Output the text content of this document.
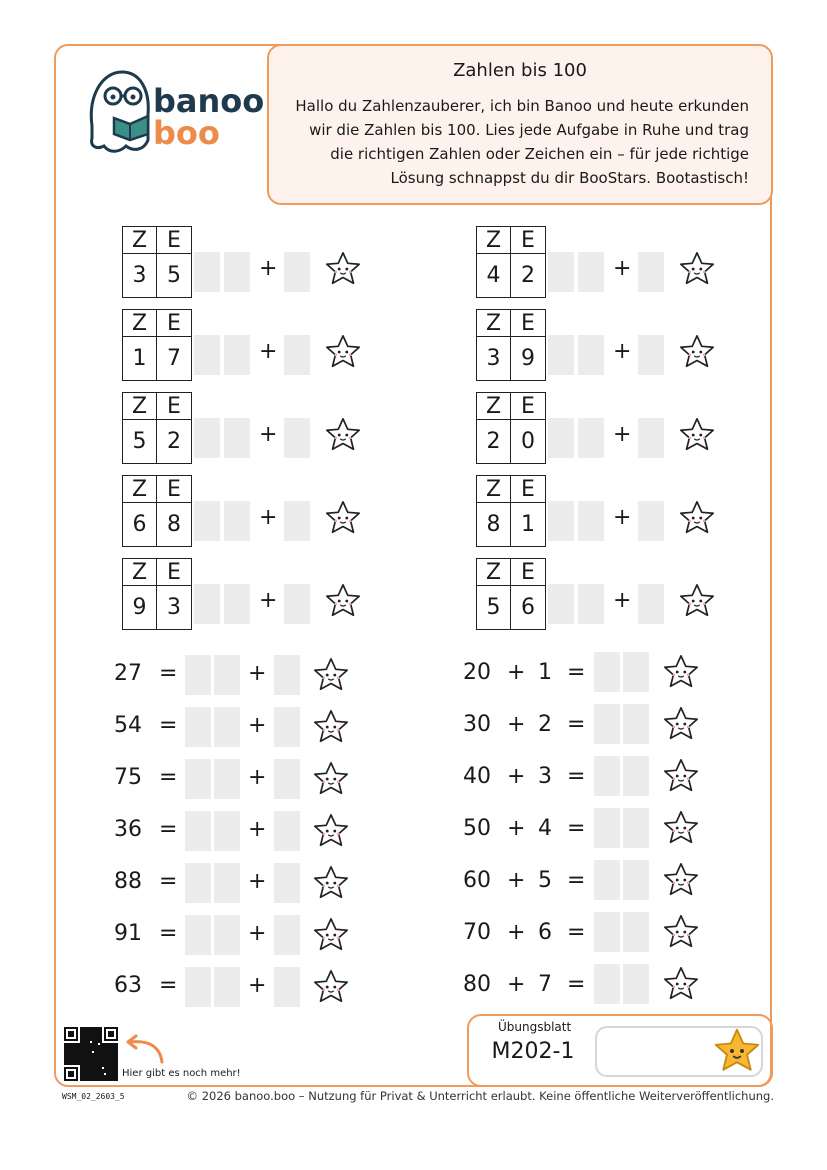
banoo
boo
Zahlen bis 100
Hallo du Zahlenzauberer, ich bin Banoo und heute erkunden wir die Zahlen bis 100. Lies jede Aufgabe in Ruhe und trag die richtigen Zahlen oder Zeichen ein – für jede richtige Lösung schnappst du dir BooStars. Bootastisch!
Z E
3 5	+
Z E
1 7	+
Z E
5 2	+
Z E
6 8	+
Z E
9 3	+
Z E
4 2	+
Z E
3 9	+
Z E
2 0	+
Z E
8 1	+
Z E
5 6	+
27 =	+
54 =	+
75 =	+
36 =	+
88 =	+
91 =	+
63 =	+
20 + 1 =
30 + 2 =
40 + 3 =
50 + 4 =
60 + 5 =
70 + 6 =
80 + 7 =
Übungsblatt
M202-1
Hier gibt es noch mehr!
WSM_02_2603_5	© 2026 banoo.boo – Nutzung für Privat & Unterricht erlaubt. Keine öffentliche Weiterveröffentlichung.
